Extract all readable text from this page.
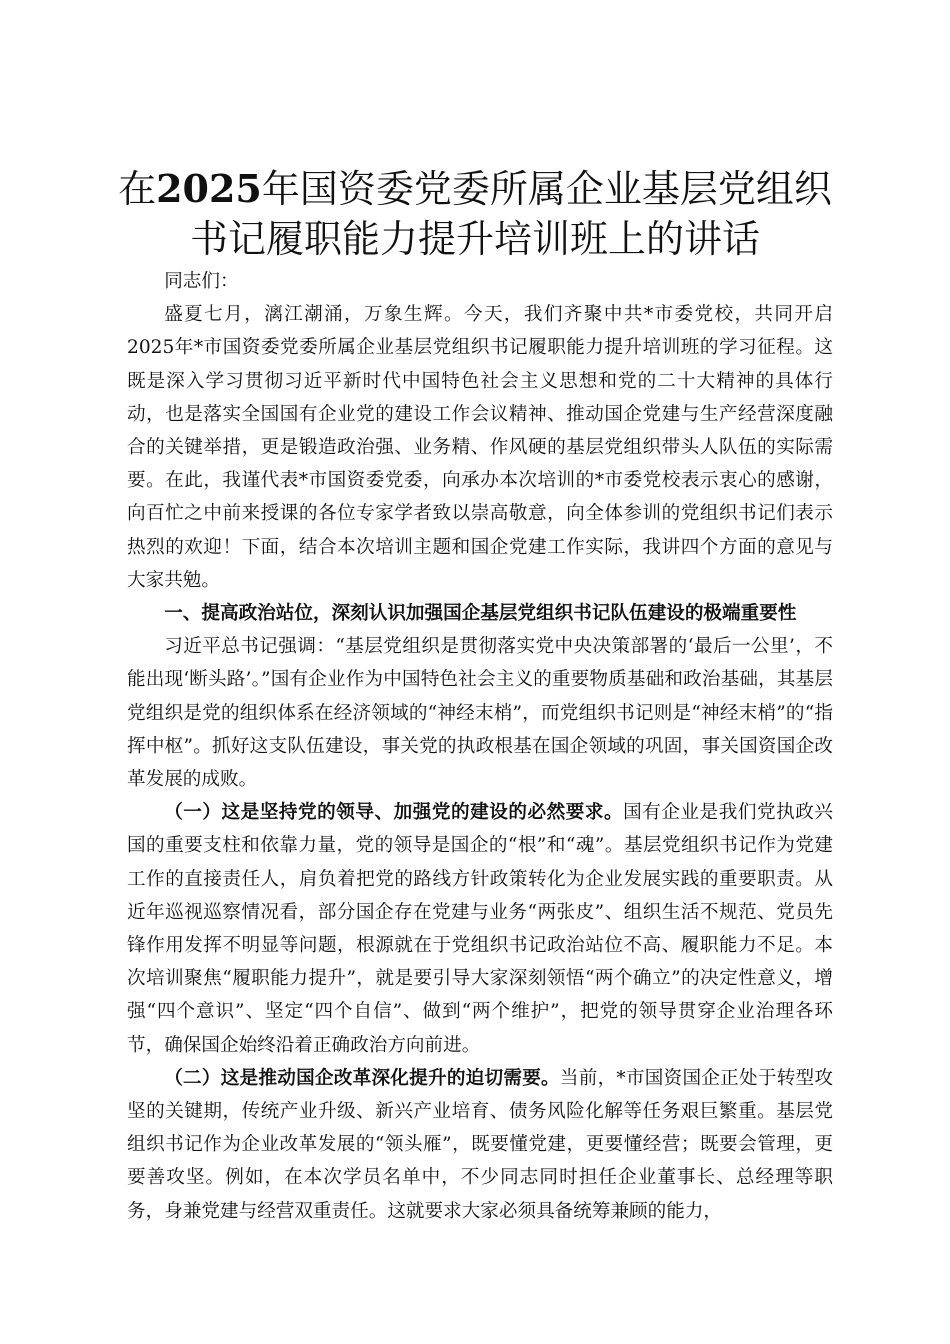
在2025年国资委党委所属企业基层党组织书记履职能力提升培训班上的讲话

同志们：

盛夏七月，漓江潮涌，万象生辉。今天，我们齐聚中共*市委党校，共同开启2025年*市国资委党委所属企业基层党组织书记履职能力提升培训班的学习征程。这既是深入学习贯彻习近平新时代中国特色社会主义思想和党的二十大精神的具体行动，也是落实全国国有企业党的建设工作会议精神、推动国企党建与生产经营深度融合的关键举措，更是锻造政治强、业务精、作风硬的基层党组织带头人队伍的实际需要。在此，我谨代表*市国资委党委，向承办本次培训的*市委党校表示衷心的感谢，向百忙之中前来授课的各位专家学者致以崇高敬意，向全体参训的党组织书记们表示热烈的欢迎！下面，结合本次培训主题和国企党建工作实际，我讲四个方面的意见与大家共勉。

一、提高政治站位，深刻认识加强国企基层党组织书记队伍建设的极端重要性

习近平总书记强调：“基层党组织是贯彻落实党中央决策部署的‘最后一公里’，不能出现‘断头路’。”国有企业作为中国特色社会主义的重要物质基础和政治基础，其基层党组织是党的组织体系在经济领域的“神经末梢”，而党组织书记则是“神经末梢”的“指挥中枢”。抓好这支队伍建设，事关党的执政根基在国企领域的巩固，事关国资国企改革发展的成败。

（一）这是坚持党的领导、加强党的建设的必然要求。国有企业是我们党执政兴国的重要支柱和依靠力量，党的领导是国企的“根”和“魂”。基层党组织书记作为党建工作的直接责任人，肩负着把党的路线方针政策转化为企业发展实践的重要职责。从近年巡视巡察情况看，部分国企存在党建与业务“两张皮”、组织生活不规范、党员先锋作用发挥不明显等问题，根源就在于党组织书记政治站位不高、履职能力不足。本次培训聚焦“履职能力提升”，就是要引导大家深刻领悟“两个确立”的决定性意义，增强“四个意识”、坚定“四个自信”、做到“两个维护”，把党的领导贯穿企业治理各环节，确保国企始终沿着正确政治方向前进。

（二）这是推动国企改革深化提升的迫切需要。当前，*市国资国企正处于转型攻坚的关键期，传统产业升级、新兴产业培育、债务风险化解等任务艰巨繁重。基层党组织书记作为企业改革发展的“领头雁”，既要懂党建，更要懂经营；既要会管理，更要善攻坚。例如，在本次学员名单中，不少同志同时担任企业董事长、总经理等职务，身兼党建与经营双重责任。这就要求大家必须具备统筹兼顾的能力，
